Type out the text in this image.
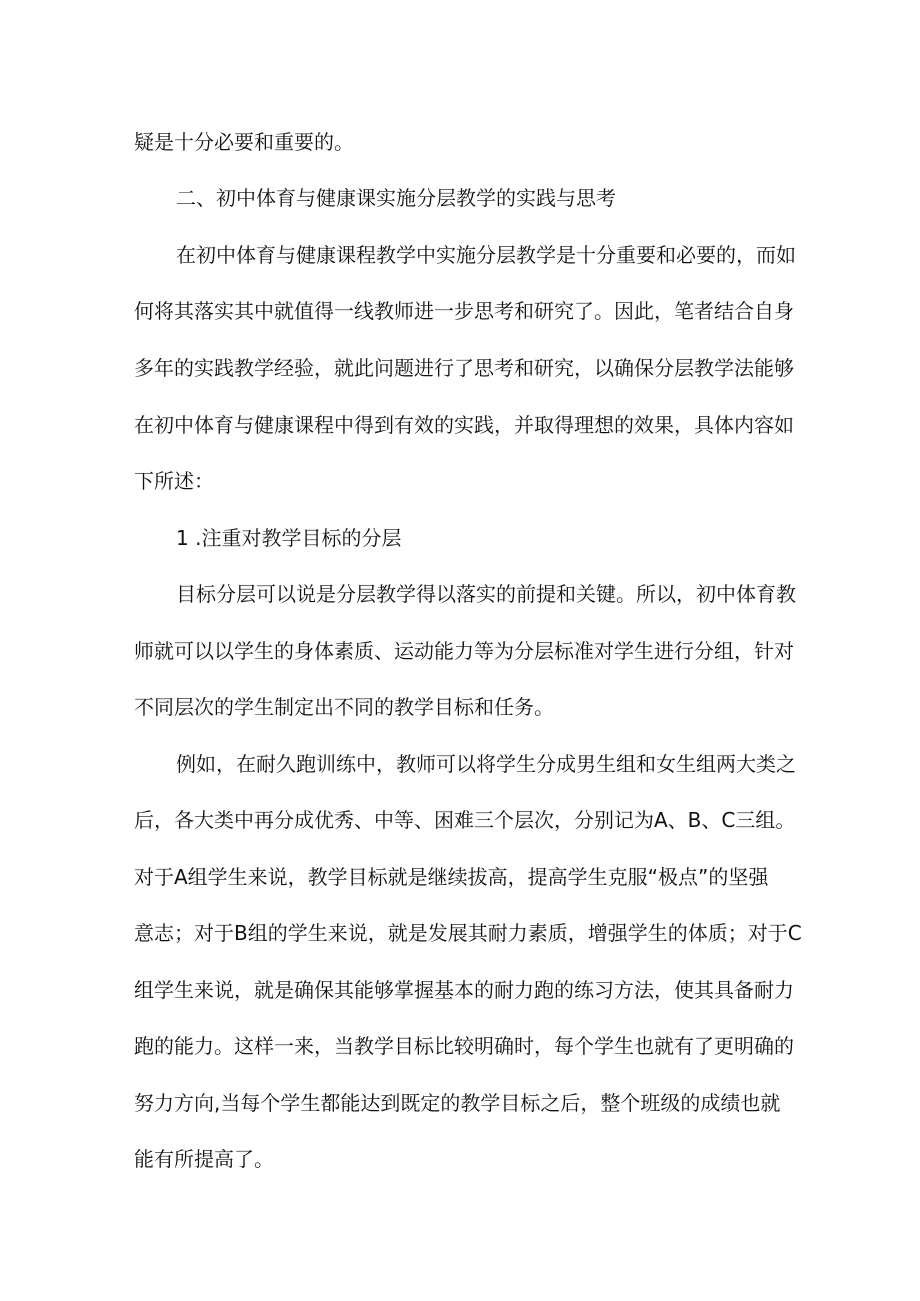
疑是十分必要和重要的。

二、初中体育与健康课实施分层教学的实践与思考

在初中体育与健康课程教学中实施分层教学是十分重要和必要的，而如

何将其落实其中就值得一线教师进一步思考和研究了。因此，笔者结合自身

多年的实践教学经验，就此问题进行了思考和研究，以确保分层教学法能够

在初中体育与健康课程中得到有效的实践，并取得理想的效果，具体内容如

下所述：

1 .注重对教学目标的分层

目标分层可以说是分层教学得以落实的前提和关键。所以，初中体育教

师就可以以学生的身体素质、运动能力等为分层标准对学生进行分组，针对

不同层次的学生制定出不同的教学目标和任务。

例如，在耐久跑训练中，教师可以将学生分成男生组和女生组两大类之

后，各大类中再分成优秀、中等、困难三个层次，分别记为A、B、C三组。

对于A组学生来说，教学目标就是继续拔高，提高学生克服“极点”的坚强

意志；对于B组的学生来说，就是发展其耐力素质，增强学生的体质；对于C

组学生来说，就是确保其能够掌握基本的耐力跑的练习方法，使其具备耐力

跑的能力。这样一来，当教学目标比较明确时，每个学生也就有了更明确的

努力方向,当每个学生都能达到既定的教学目标之后，整个班级的成绩也就

能有所提高了。
